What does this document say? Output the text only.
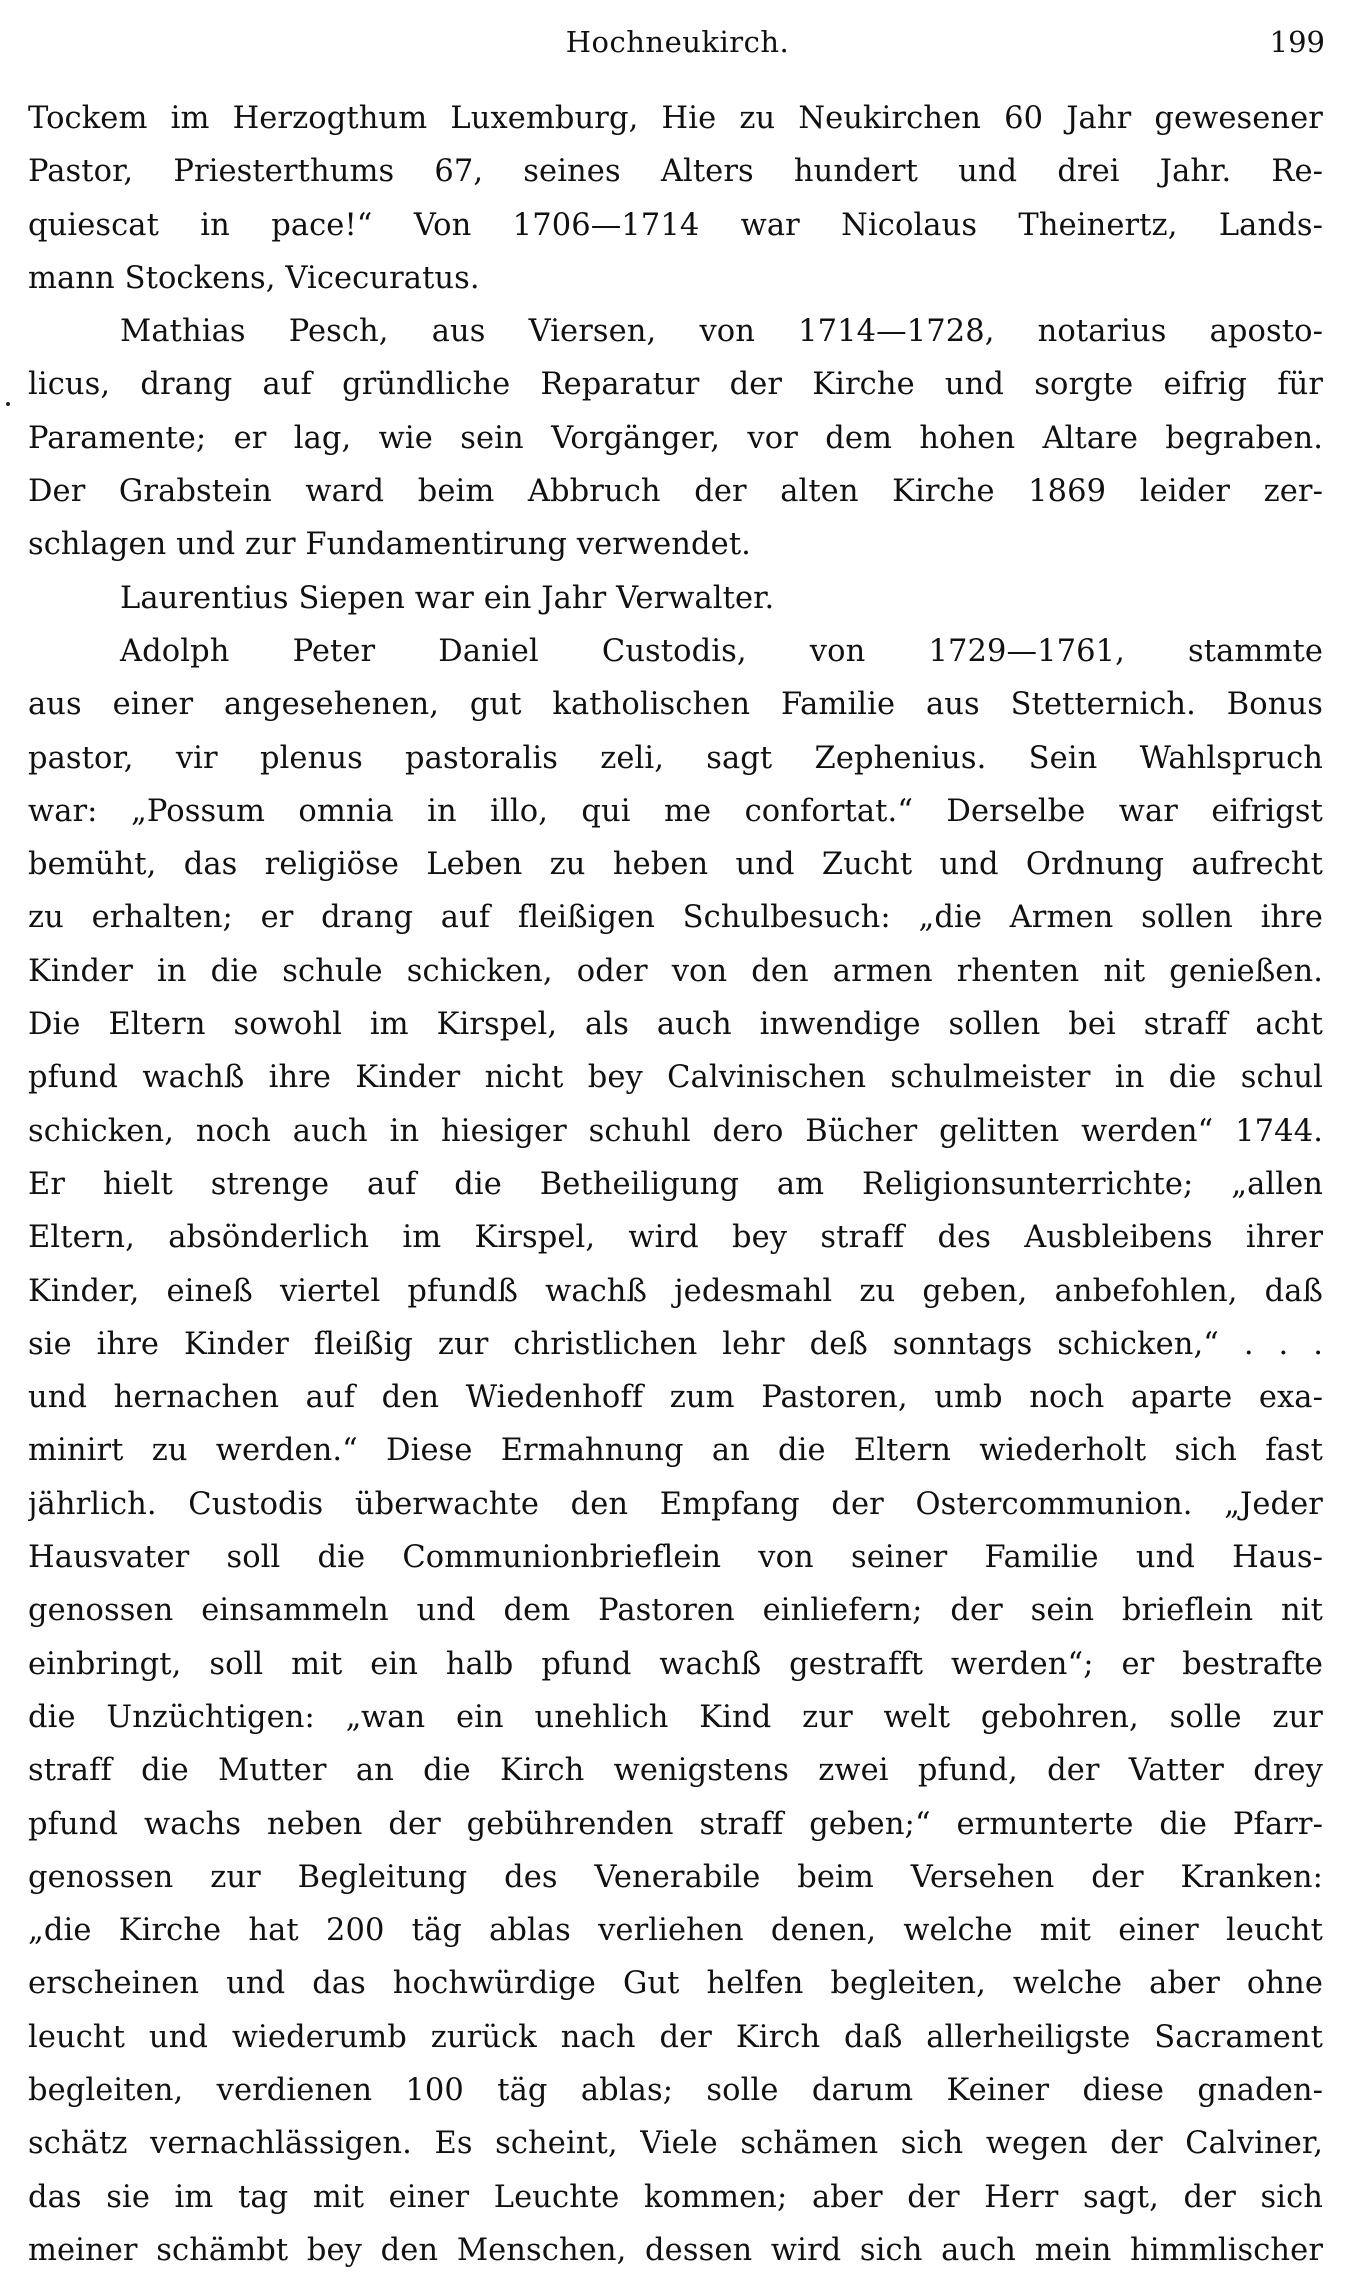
Hochneukirch.	199
Tockem im Herzogthum Luxemburg, Hie zu Neukirchen 60 Jahr gewesener
Pastor, Priesterthums 67, seines Alters hundert und drei Jahr. Re-
quiescat in pace!“ Von 1706—1714 war Nicolaus Theinertz, Lands-
mann Stockens, Vicecuratus.
Mathias Pesch, aus Viersen, von 1714—1728, notarius aposto-
licus, drang auf gründliche Reparatur der Kirche und sorgte eifrig für
Paramente; er lag, wie sein Vorgänger, vor dem hohen Altare begraben.
Der Grabstein ward beim Abbruch der alten Kirche 1869 leider zer-
schlagen und zur Fundamentirung verwendet.
Laurentius Siepen war ein Jahr Verwalter.
Adolph Peter Daniel Custodis, von 1729—1761, stammte
aus einer angesehenen, gut katholischen Familie aus Stetternich. Bonus
pastor, vir plenus pastoralis zeli, sagt Zephenius. Sein Wahlspruch
war: „Possum omnia in illo, qui me confortat.“ Derselbe war eifrigst
bemüht, das religiöse Leben zu heben und Zucht und Ordnung aufrecht
zu erhalten; er drang auf fleißigen Schulbesuch: „die Armen sollen ihre
Kinder in die schule schicken, oder von den armen rhenten nit genießen.
Die Eltern sowohl im Kirspel, als auch inwendige sollen bei straff acht
pfund wachß ihre Kinder nicht bey Calvinischen schulmeister in die schul
schicken, noch auch in hiesiger schuhl dero Bücher gelitten werden“ 1744.
Er hielt strenge auf die Betheiligung am Religionsunterrichte; „allen
Eltern, absönderlich im Kirspel, wird bey straff des Ausbleibens ihrer
Kinder, eineß viertel pfundß wachß jedesmahl zu geben, anbefohlen, daß
sie ihre Kinder fleißig zur christlichen lehr deß sonntags schicken,“ . . .
und hernachen auf den Wiedenhoff zum Pastoren, umb noch aparte exa-
minirt zu werden.“ Diese Ermahnung an die Eltern wiederholt sich fast
jährlich. Custodis überwachte den Empfang der Ostercommunion. „Jeder
Hausvater soll die Communionbrieflein von seiner Familie und Haus-
genossen einsammeln und dem Pastoren einliefern; der sein brieflein nit
einbringt, soll mit ein halb pfund wachß gestrafft werden“; er bestrafte
die Unzüchtigen: „wan ein unehlich Kind zur welt gebohren, solle zur
straff die Mutter an die Kirch wenigstens zwei pfund, der Vatter drey
pfund wachs neben der gebührenden straff geben;“ ermunterte die Pfarr-
genossen zur Begleitung des Venerabile beim Versehen der Kranken:
„die Kirche hat 200 täg ablas verliehen denen, welche mit einer leucht
erscheinen und das hochwürdige Gut helfen begleiten, welche aber ohne
leucht und wiederumb zurück nach der Kirch daß allerheiligste Sacrament
begleiten, verdienen 100 täg ablas; solle darum Keiner diese gnaden-
schätz vernachlässigen. Es scheint, Viele schämen sich wegen der Calviner,
das sie im tag mit einer Leuchte kommen; aber der Herr sagt, der sich
meiner schämbt bey den Menschen, dessen wird sich auch mein himmlischer
